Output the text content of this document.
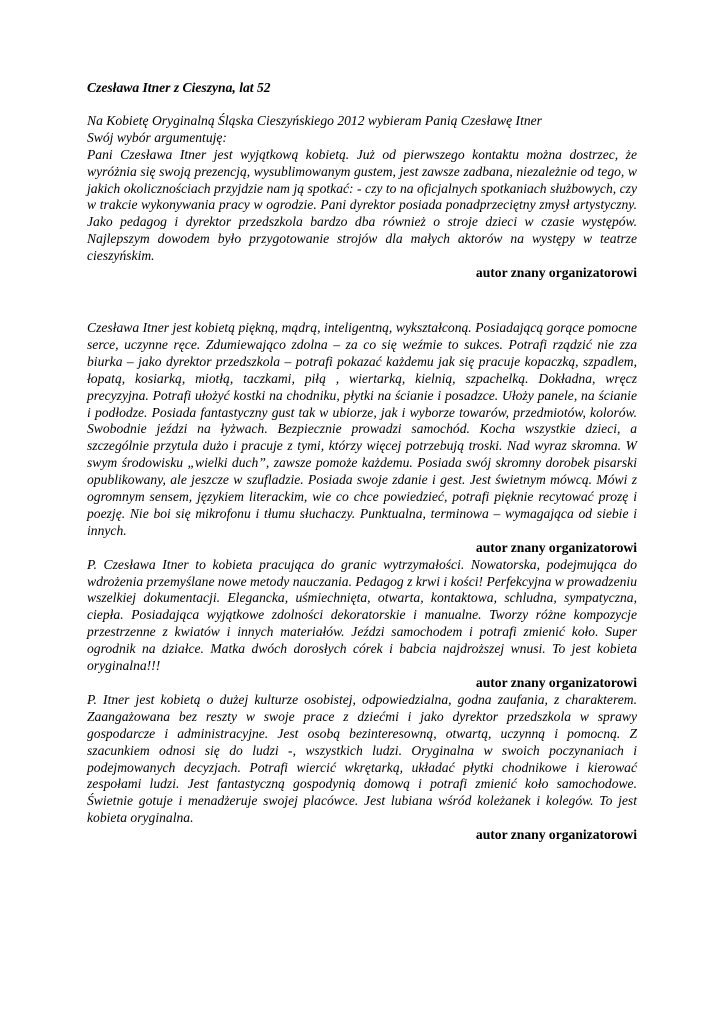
Czesława Itner z Cieszyna, lat 52

Na Kobietę Oryginalną Śląska Cieszyńskiego 2012 wybieram Panią Czesławę Itner

Swój wybór argumentuję:

Pani Czesława Itner jest wyjątkową kobietą. Już od pierwszego kontaktu można dostrzec, że wyróżnia się swoją prezencją, wysublimowanym gustem, jest zawsze zadbana, niezależnie od tego, w jakich okolicznościach przyjdzie nam ją spotkać: - czy to na oficjalnych spotkaniach służbowych, czy w trakcie wykonywania pracy w ogrodzie. Pani dyrektor posiada ponadprzeciętny zmysł artystyczny. Jako pedagog i dyrektor przedszkola bardzo dba również o stroje dzieci w czasie występów. Najlepszym dowodem było przygotowanie strojów dla małych aktorów na występy w teatrze cieszyńskim.

autor znany organizatorowi

Czesława Itner jest kobietą piękną, mądrą, inteligentną, wykształconą. Posiadającą gorące pomocne serce, uczynne ręce. Zdumiewająco zdolna – za co się weźmie to sukces. Potrafi rządzić nie zza biurka – jako dyrektor przedszkola – potrafi pokazać każdemu jak się pracuje kopaczką, szpadlem, łopatą, kosiarką, miotłą, taczkami, piłą , wiertarką, kielnią, szpachelką. Dokładna, wręcz precyzyjna. Potrafi ułożyć kostki na chodniku, płytki na ścianie i posadzce. Ułoży panele, na ścianie i podłodze. Posiada fantastyczny gust tak w ubiorze, jak i wyborze towarów, przedmiotów, kolorów. Swobodnie jeździ na łyżwach. Bezpiecznie prowadzi samochód. Kocha wszystkie dzieci, a szczególnie przytula dużo i pracuje z tymi, którzy więcej potrzebują troski. Nad wyraz skromna. W swym środowisku „wielki duch”, zawsze pomoże każdemu. Posiada swój skromny dorobek pisarski opublikowany, ale jeszcze w szufladzie. Posiada swoje zdanie i gest. Jest świetnym mówcą. Mówi z ogromnym sensem, językiem literackim, wie co chce powiedzieć, potrafi pięknie recytować prozę i poezję. Nie boi się mikrofonu i tłumu słuchaczy. Punktualna, terminowa – wymagająca od siebie i innych.

autor znany organizatorowi

P. Czesława Itner to kobieta pracująca do granic wytrzymałości. Nowatorska, podejmująca do wdrożenia przemyślane nowe metody nauczania. Pedagog z krwi i kości! Perfekcyjna w prowadzeniu wszelkiej dokumentacji. Elegancka, uśmiechnięta, otwarta, kontaktowa, schludna, sympatyczna, ciepła. Posiadająca wyjątkowe zdolności dekoratorskie i manualne. Tworzy różne kompozycje przestrzenne z kwiatów i innych materiałów. Jeździ samochodem i potrafi zmienić koło. Super ogrodnik na działce. Matka dwóch dorosłych córek i babcia najdroższej wnusi. To jest kobieta oryginalna!!!

autor znany organizatorowi

P. Itner jest kobietą o dużej kulturze osobistej, odpowiedzialna, godna zaufania, z charakterem. Zaangażowana bez reszty w swoje prace z dziećmi i jako dyrektor przedszkola w sprawy gospodarcze i administracyjne. Jest osobą bezinteresowną, otwartą, uczynną i pomocną. Z szacunkiem odnosi się do ludzi -, wszystkich ludzi. Oryginalna w swoich poczynaniach i podejmowanych decyzjach. Potrafi wiercić wkrętarką, układać płytki chodnikowe i kierować zespołami ludzi. Jest fantastyczną gospodynią domową i potrafi zmienić koło samochodowe. Świetnie gotuje i menadżeruje swojej placówce. Jest lubiana wśród koleżanek i kolegów. To jest kobieta oryginalna.

autor znany organizatorowi
